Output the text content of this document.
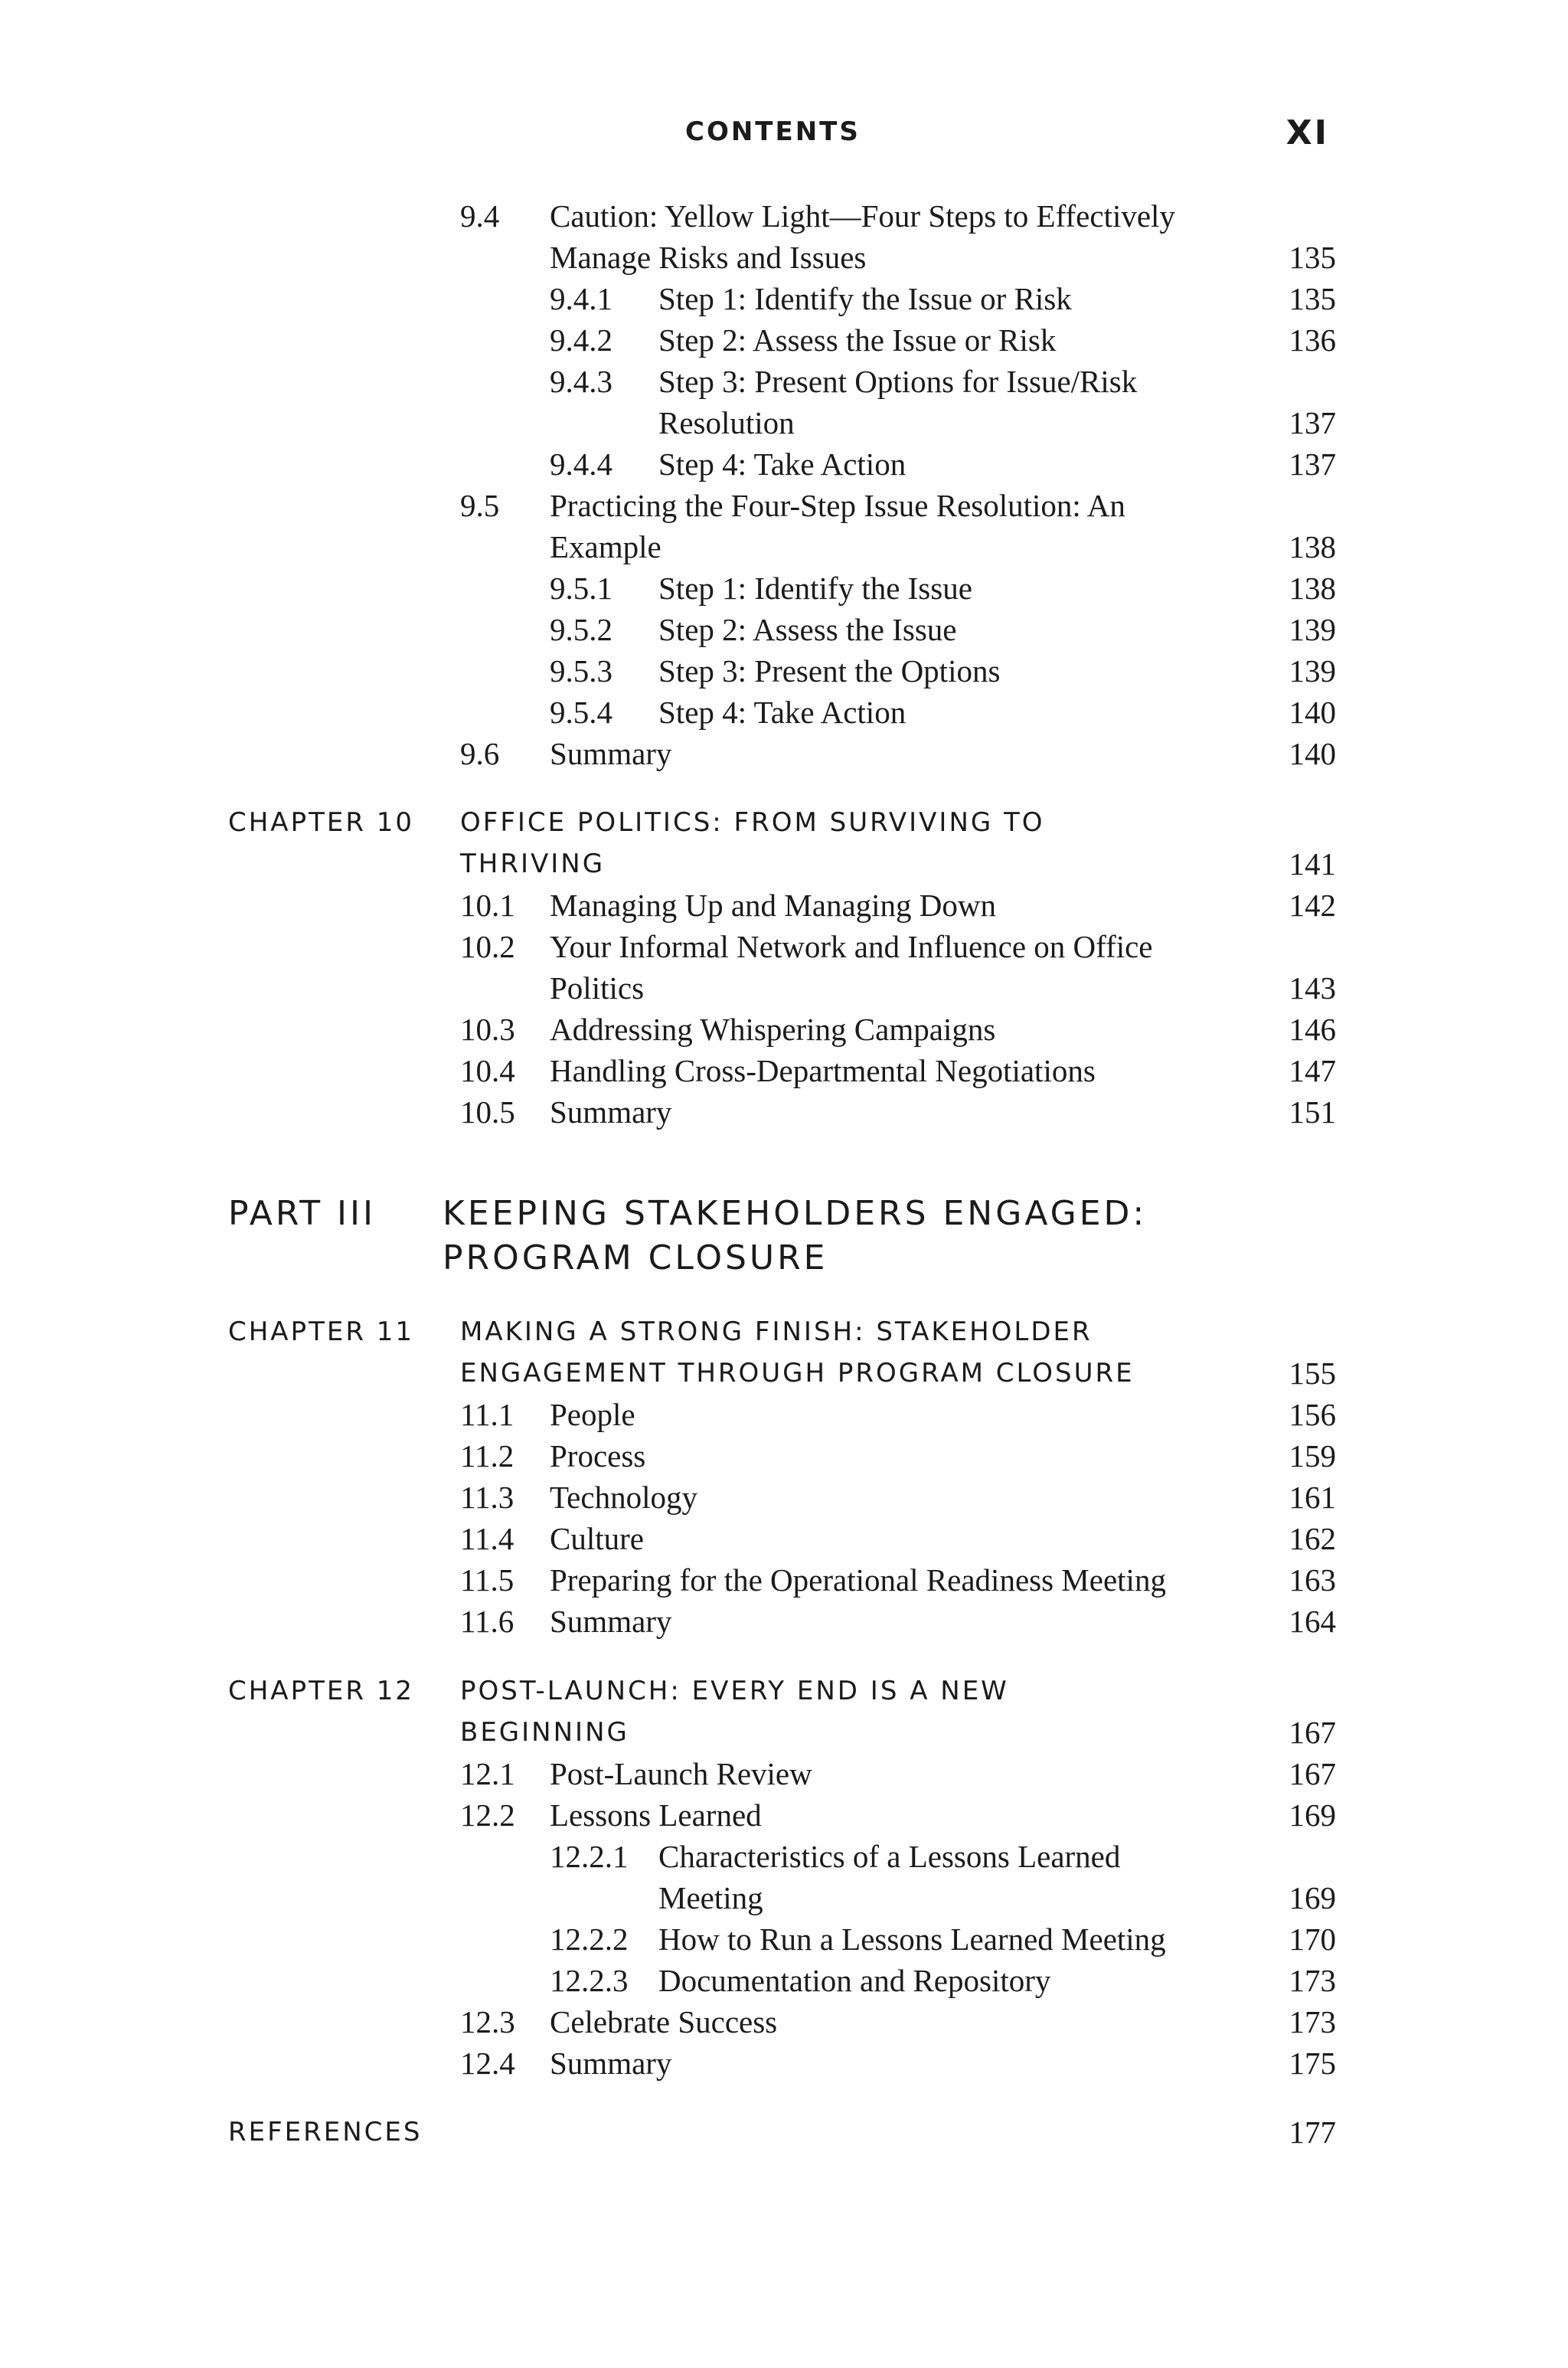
CONTENTS	XI
9.4 Caution: Yellow Light—Four Steps to Effectively
Manage Risks and Issues	135
9.4.1 Step 1: Identify the Issue or Risk	135
9.4.2 Step 2: Assess the Issue or Risk	136
9.4.3 Step 3: Present Options for Issue/Risk
Resolution	137
9.4.4 Step 4: Take Action	137
9.5 Practicing the Four-Step Issue Resolution: An
Example	138
9.5.1 Step 1: Identify the Issue	138
9.5.2 Step 2: Assess the Issue	139
9.5.3 Step 3: Present the Options	139
9.5.4 Step 4: Take Action	140
9.6 Summary	140
CHAPTER 10 OFFICE POLITICS: FROM SURVIVING TO
THRIVING	141
10.1 Managing Up and Managing Down	142
10.2 Your Informal Network and Influence on Office
Politics	143
10.3 Addressing Whispering Campaigns	146
10.4 Handling Cross-Departmental Negotiations	147
10.5 Summary	151
PART III KEEPING STAKEHOLDERS ENGAGED:
PROGRAM CLOSURE
CHAPTER 11 MAKING A STRONG FINISH: STAKEHOLDER
ENGAGEMENT THROUGH PROGRAM CLOSURE	155
11.1 People	156
11.2 Process	159
11.3 Technology	161
11.4 Culture	162
11.5 Preparing for the Operational Readiness Meeting	163
11.6 Summary	164
CHAPTER 12 POST-LAUNCH: EVERY END IS A NEW
BEGINNING	167
12.1 Post-Launch Review	167
12.2 Lessons Learned	169
12.2.1 Characteristics of a Lessons Learned
Meeting	169
12.2.2 How to Run a Lessons Learned Meeting	170
12.2.3 Documentation and Repository	173
12.3 Celebrate Success	173
12.4 Summary	175
REFERENCES	177
